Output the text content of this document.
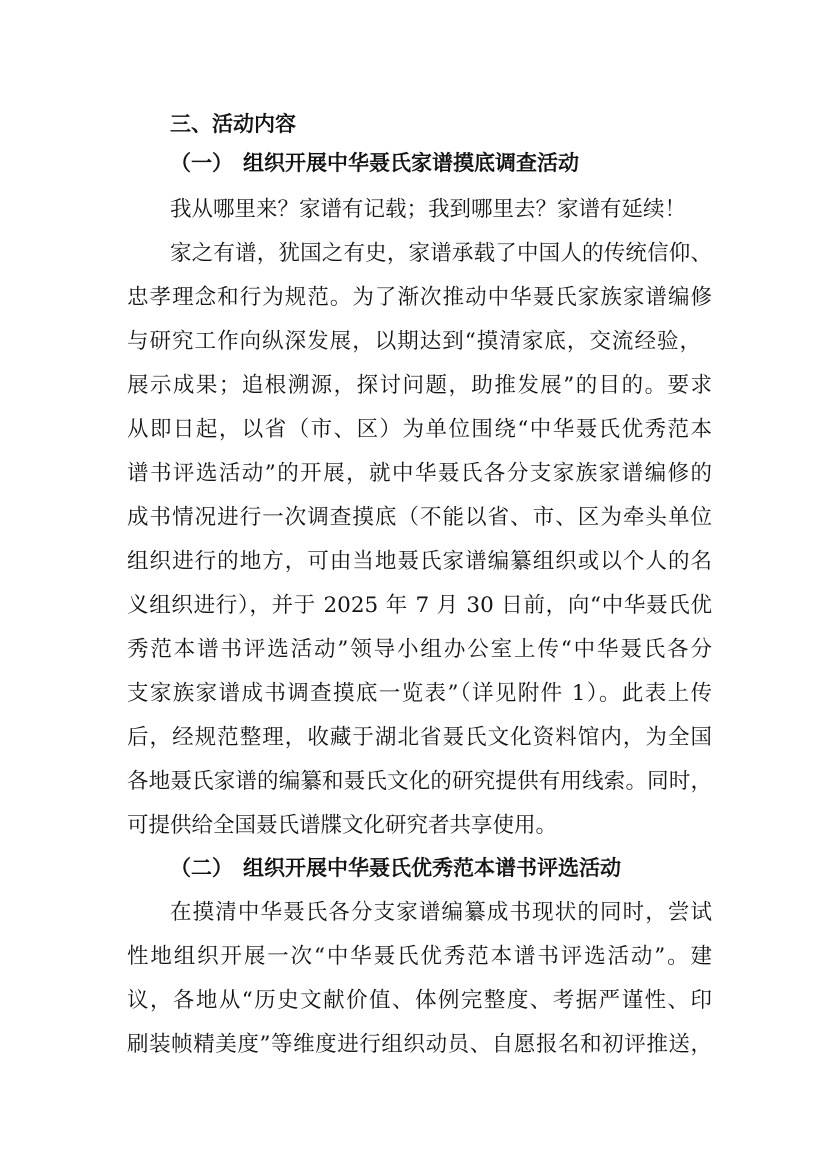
三、活动内容
（一） 组织开展中华聂氏家谱摸底调查活动
我从哪里来？家谱有记载；我到哪里去？家谱有延续！
家之有谱，犹国之有史，家谱承载了中国人的传统信仰、
忠孝理念和行为规范。为了渐次推动中华聂氏家族家谱编修
与研究工作向纵深发展，以期达到“摸清家底，交流经验，
展示成果；追根溯源，探讨问题，助推发展”的目的。要求
从即日起，以省（市、区）为单位围绕“中华聂氏优秀范本
谱书评选活动”的开展，就中华聂氏各分支家族家谱编修的
成书情况进行一次调查摸底（不能以省、市、区为牵头单位
组织进行的地方，可由当地聂氏家谱编纂组织或以个人的名
义组织进行），并于 2025 年 7 月 30 日前，向“中华聂氏优
秀范本谱书评选活动”领导小组办公室上传“中华聂氏各分
支家族家谱成书调查摸底一览表”（详见附件 1）。此表上传
后，经规范整理，收藏于湖北省聂氏文化资料馆内，为全国
各地聂氏家谱的编纂和聂氏文化的研究提供有用线索。同时，
可提供给全国聂氏谱牒文化研究者共享使用。
（二） 组织开展中华聂氏优秀范本谱书评选活动
在摸清中华聂氏各分支家谱编纂成书现状的同时，尝试
性地组织开展一次“中华聂氏优秀范本谱书评选活动”。建
议，各地从“历史文献价值、体例完整度、考据严谨性、印
刷装帧精美度”等维度进行组织动员、自愿报名和初评推送，
